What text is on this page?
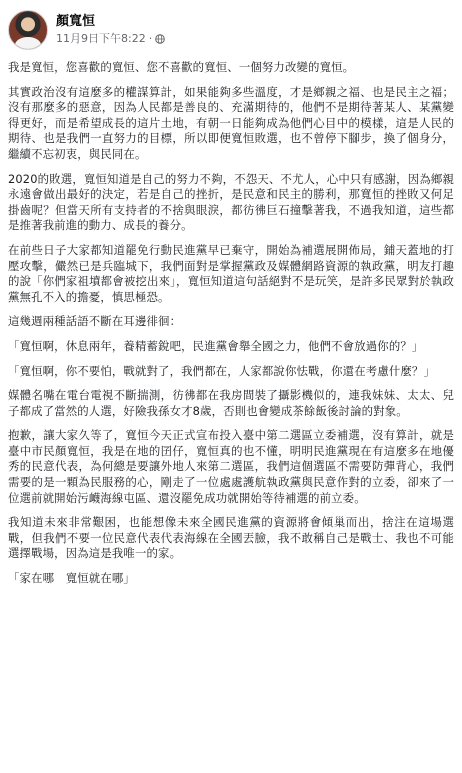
顏寬恒
11月9日下午8:22 ·

我是寬恒，您喜歡的寬恒、您不喜歡的寬恒、一個努力改變的寬恒。

其實政治沒有這麼多的權謀算計，如果能夠多些溫度，才是鄉親之福、也是民主之福；沒有那麼多的惡意，因為人民都是善良的、充滿期待的，他們不是期待著某人、某黨變得更好，而是希望成長的這片土地，有朝一日能夠成為他們心目中的模樣，這是人民的期待、也是我們一直努力的目標，所以即便寬恒敗選，也不曾停下腳步，換了個身分，繼續不忘初衷，與民同在。

2020的敗選，寬恒知道是自己的努力不夠，不怨天、不尤人，心中只有感謝，因為鄉親永遠會做出最好的決定，若是自己的挫折，是民意和民主的勝利，那寬恒的挫敗又何足掛齒呢？但當天所有支持者的不捨與眼淚，都彷彿巨石撞擊著我，不過我知道，這些都是推著我前進的動力、成長的養分。

在前些日子大家都知道罷免行動民進黨早已棄守，開始為補選展開佈局，鋪天蓋地的打壓攻擊，儼然已是兵臨城下，我們面對是掌握黨政及媒體網路資源的執政黨，明友打趣的說「你們家祖墳都會被挖出來」，寬恒知道這句話絕對不是玩笑，是許多民眾對於執政黨無孔不入的擔憂，慎思極恐。

這幾週兩種話語不斷在耳邊徘徊：

「寬恒啊，休息兩年，養精蓄銳吧，民進黨會舉全國之力，他們不會放過你的？」

「寬恒啊，你不要怕，戰就對了，我們都在，人家都說你怯戰，你還在考慮什麼？」

媒體名嘴在電台電視不斷揣測，彷彿都在我房間裝了攝影機似的，連我妹妹、太太、兒子都成了當然的人選，好險我孫女才8歲，否則也會變成茶餘飯後討論的對象。

抱歉，讓大家久等了，寬恒今天正式宣布投入臺中第二選區立委補選，沒有算計，就是臺中市民顏寬恒，我是在地的囝仔，寬恒真的也不懂，明明民進黨現在有這麼多在地優秀的民意代表，為何總是要讓外地人來第二選區，我們這個選區不需要防彈背心，我們需要的是一顆為民服務的心，剛走了一位處處護航執政黨與民意作對的立委，卻來了一位選前就開始污衊海線屯區、還沒罷免成功就開始等待補選的前立委。

我知道未來非常艱困，也能想像未來全國民進黨的資源將會傾巢而出，捨注在這場選戰，但我們不要一位民意代表代表海線在全國丟臉，我不敢稱自己是戰士、我也不可能選擇戰場，因為這是我唯一的家。

「家在哪　寬恒就在哪」
